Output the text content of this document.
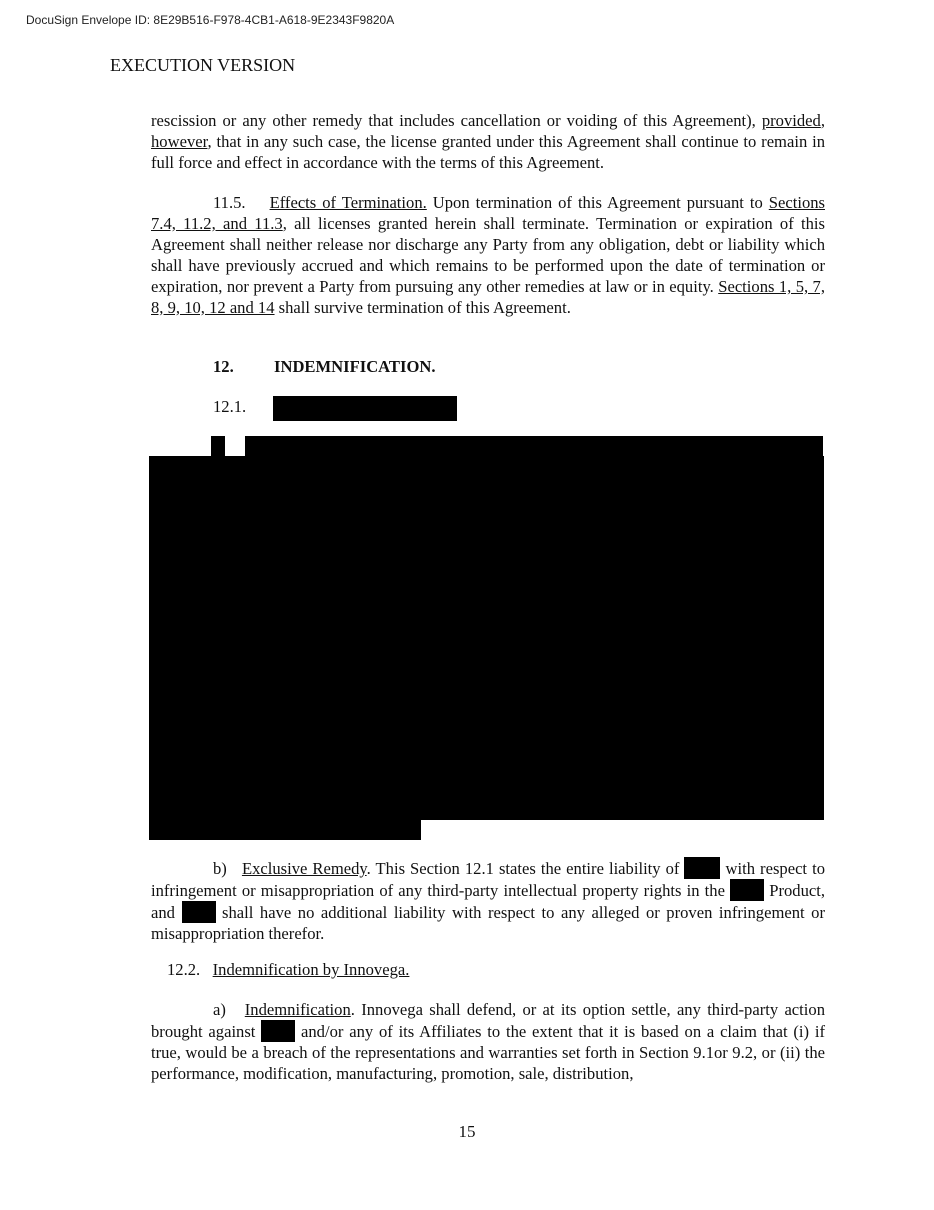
DocuSign Envelope ID: 8E29B516-F978-4CB1-A618-9E2343F9820A
EXECUTION VERSION

rescission or any other remedy that includes cancellation or voiding of this Agreement), provided, however, that in any such case, the license granted under this Agreement shall continue to remain in full force and effect in accordance with the terms of this Agreement.

11.5. Effects of Termination. Upon termination of this Agreement pursuant to Sections 7.4, 11.2, and 11.3, all licenses granted herein shall terminate. Termination or expiration of this Agreement shall neither release nor discharge any Party from any obligation, debt or liability which shall have previously accrued and which remains to be performed upon the date of termination or expiration, nor prevent a Party from pursuing any other remedies at law or in equity. Sections 1, 5, 7, 8, 9, 10, 12 and 14 shall survive termination of this Agreement.

12. INDEMNIFICATION.
12.1.

b) Exclusive Remedy. This Section 12.1 states the entire liability of  with respect to infringement or misappropriation of any third-party intellectual property rights in the  Product, and  shall have no additional liability with respect to any alleged or proven infringement or misappropriation therefor.

12.2. Indemnification by Innovega.

a) Indemnification. Innovega shall defend, or at its option settle, any third-party action brought against  and/or any of its Affiliates to the extent that it is based on a claim that (i) if true, would be a breach of the representations and warranties set forth in Section 9.1or 9.2, or (ii) the performance, modification, manufacturing, promotion, sale, distribution,

15
